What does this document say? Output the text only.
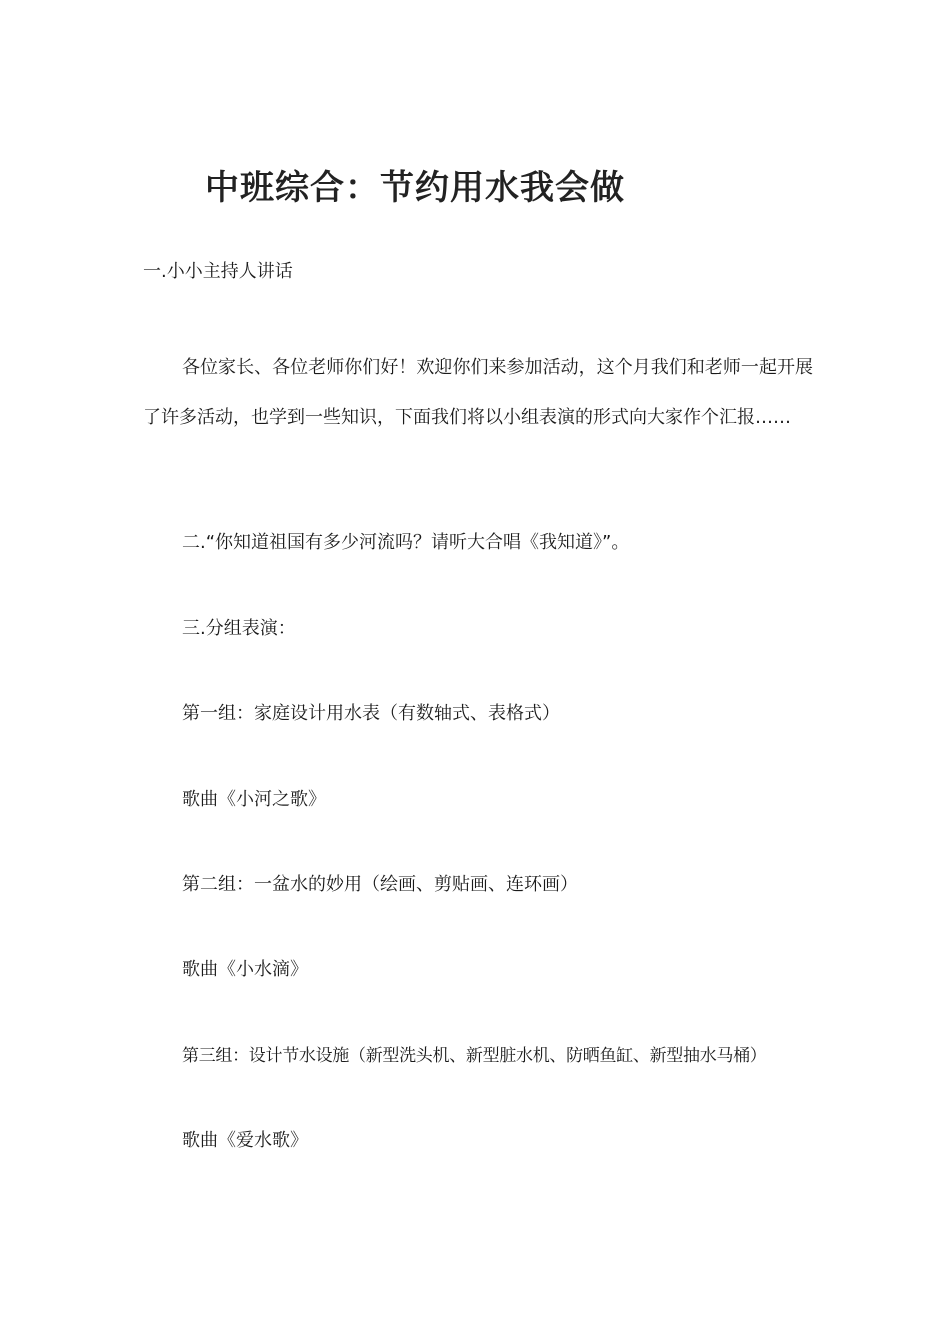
中班综合：节约用水我会做
一.小小主持人讲话
各位家长、各位老师你们好！欢迎你们来参加活动，这个月我们和老师一起开展了许多活动，也学到一些知识，下面我们将以小组表演的形式向大家作个汇报……
二.“你知道祖国有多少河流吗？请听大合唱《我知道》”。
三.分组表演：
第一组：家庭设计用水表（有数轴式、表格式）
歌曲《小河之歌》
第二组：一盆水的妙用（绘画、剪贴画、连环画）
歌曲《小水滴》
第三组：设计节水设施（新型洗头机、新型脏水机、防晒鱼缸、新型抽水马桶）
歌曲《爱水歌》
